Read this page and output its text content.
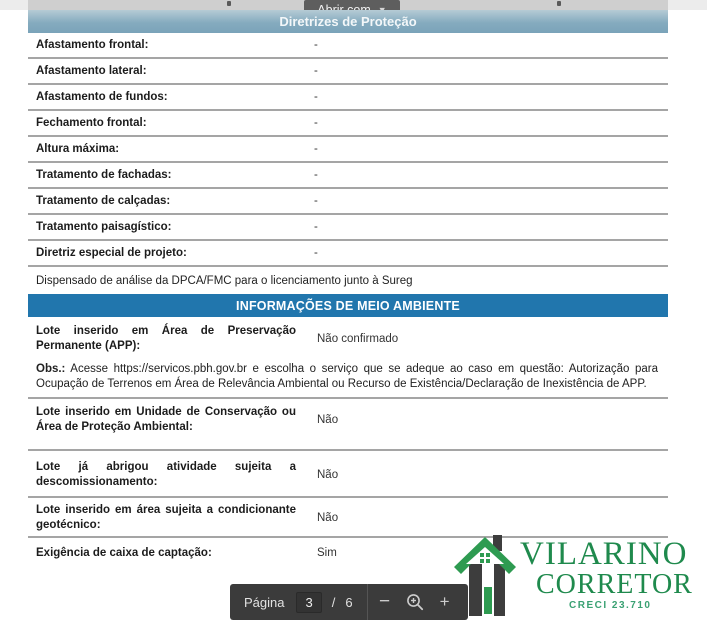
Diretrizes de Proteção
Afastamento frontal:	-
Afastamento lateral:	-
Afastamento de fundos:	-
Fechamento frontal:	-
Altura máxima:	-
Tratamento de fachadas:	-
Tratamento de calçadas:	-
Tratamento paisagístico:	-
Diretriz especial de projeto:	-
Dispensado de análise da DPCA/FMC para o licenciamento junto à Sureg
INFORMAÇÕES DE MEIO AMBIENTE
Lote inserido em Área de Preservação Permanente (APP):
Não confirmado
Obs.: Acesse https://servicos.pbh.gov.br e escolha o serviço que se adeque ao caso em questão: Autorização para Ocupação de Terrenos em Área de Relevância Ambiental ou Recurso de Existência/Declaração de Inexistência de APP.
Lote inserido em Unidade de Conservação ou Área de Proteção Ambiental:
Não
Lote já abrigou atividade sujeita a descomissionamento:
Não
Lote inserido em área sujeita a condicionante geotécnico:
Não
Exigência de caixa de captação:	Sim	VILARINO
CORRETOR
CRECI 23.710
Página	3	/ 6	−	+
